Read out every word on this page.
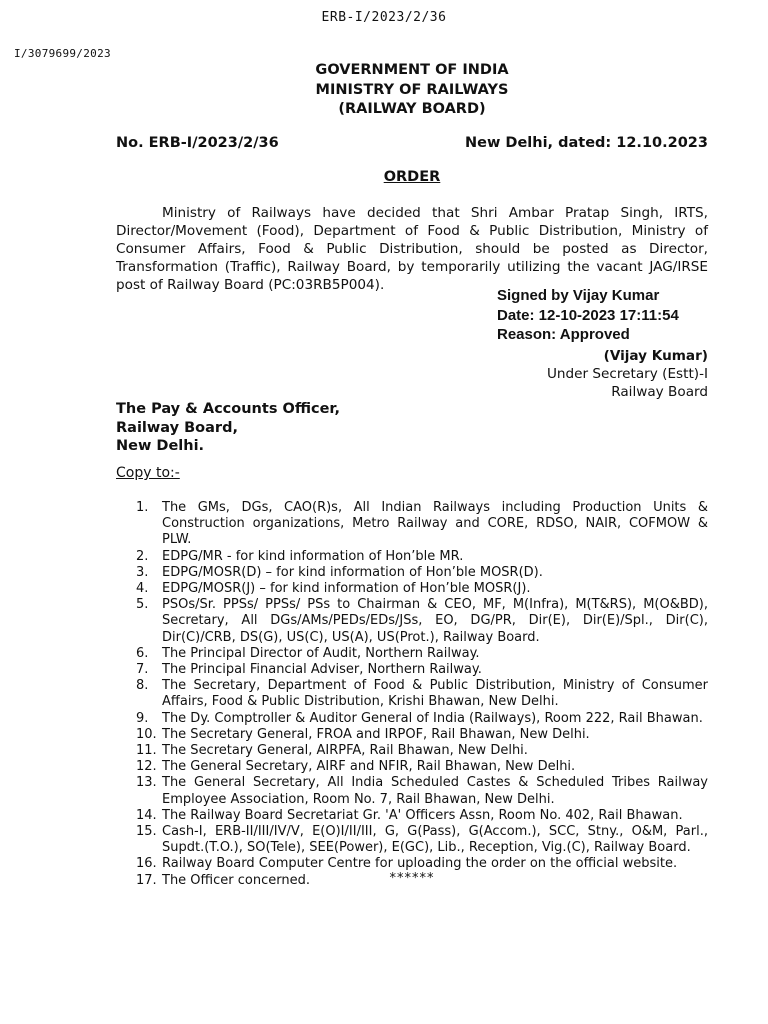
ERB-I/2023/2/36
I/3079699/2023
GOVERNMENT OF INDIA
MINISTRY OF RAILWAYS
(RAILWAY BOARD)
No. ERB-I/2023/2/36	New Delhi, dated: 12.10.2023
ORDER
Ministry of Railways have decided that Shri Ambar Pratap Singh, IRTS, Director/Movement (Food), Department of Food & Public Distribution, Ministry of Consumer Affairs, Food & Public Distribution, should be posted as Director, Transformation (Traffic), Railway Board, by temporarily utilizing the vacant JAG/IRSE post of Railway Board (PC:03RB5P004).
Signed by Vijay Kumar
Date: 12-10-2023 17:11:54
Reason: Approved
(Vijay Kumar)
Under Secretary (Estt)-I
Railway Board
The Pay & Accounts Officer,
Railway Board,
New Delhi.
Copy to:-
1.	The GMs, DGs, CAO(R)s, All Indian Railways including Production Units & Construction organizations, Metro Railway and CORE, RDSO, NAIR, COFMOW & PLW.
2.	EDPG/MR - for kind information of Hon’ble MR.
3.	EDPG/MOSR(D) – for kind information of Hon’ble MOSR(D).
4.	EDPG/MOSR(J) – for kind information of Hon’ble MOSR(J).
5.	PSOs/Sr. PPSs/ PPSs/ PSs to Chairman & CEO, MF, M(Infra), M(T&RS), M(O&BD), Secretary, All DGs/AMs/PEDs/EDs/JSs, EO, DG/PR, Dir(E), Dir(E)/Spl., Dir(C), Dir(C)/CRB, DS(G), US(C), US(A), US(Prot.), Railway Board.
6.	The Principal Director of Audit, Northern Railway.
7.	The Principal Financial Adviser, Northern Railway.
8.	The Secretary, Department of Food & Public Distribution, Ministry of Consumer Affairs, Food & Public Distribution, Krishi Bhawan, New Delhi.
9.	The Dy. Comptroller & Auditor General of India (Railways), Room 222, Rail Bhawan.
10. The Secretary General, FROA and IRPOF, Rail Bhawan, New Delhi.
11. The Secretary General, AIRPFA, Rail Bhawan, New Delhi.
12. The General Secretary, AIRF and NFIR, Rail Bhawan, New Delhi.
13. The General Secretary, All India Scheduled Castes & Scheduled Tribes Railway Employee Association, Room No. 7, Rail Bhawan, New Delhi.
14. The Railway Board Secretariat Gr. 'A' Officers Assn, Room No. 402, Rail Bhawan.
15. Cash-I, ERB-II/III/IV/V, E(O)I/II/III, G, G(Pass), G(Accom.), SCC, Stny., O&M, Parl., Supdt.(T.O.), SO(Tele), SEE(Power), E(GC), Lib., Reception, Vig.(C), Railway Board.
16. Railway Board Computer Centre for uploading the order on the official website.
17. The Officer concerned.	******
